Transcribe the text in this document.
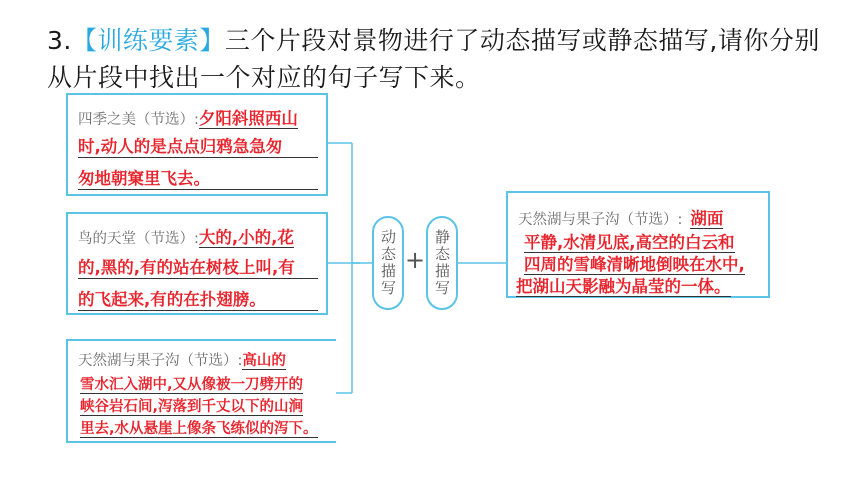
3.【训练要素】三个片段对景物进行了动态描写或静态描写,请你分别从片段中找出一个对应的句子写下来。
四季之美（节选）:夕阳斜照西山
时,动人的是点点归鸦急急匆
匆地朝窠里飞去。
鸟的天堂（节选）:大的,小的,花
的,黑的,有的站在树枝上叫,有
的飞起来,有的在扑翅膀。
天然湖与果子沟（节选）:高山的
雪水汇入湖中,又从像被一刀劈开的
峡谷岩石间,泻落到千丈以下的山涧
里去,水从悬崖上像条飞练似的泻下。
动态描写 + 静态描写
天然湖与果子沟（节选）: 湖面
平静,水清见底,高空的白云和
四周的雪峰清晰地倒映在水中,
把湖山天影融为晶莹的一体。
